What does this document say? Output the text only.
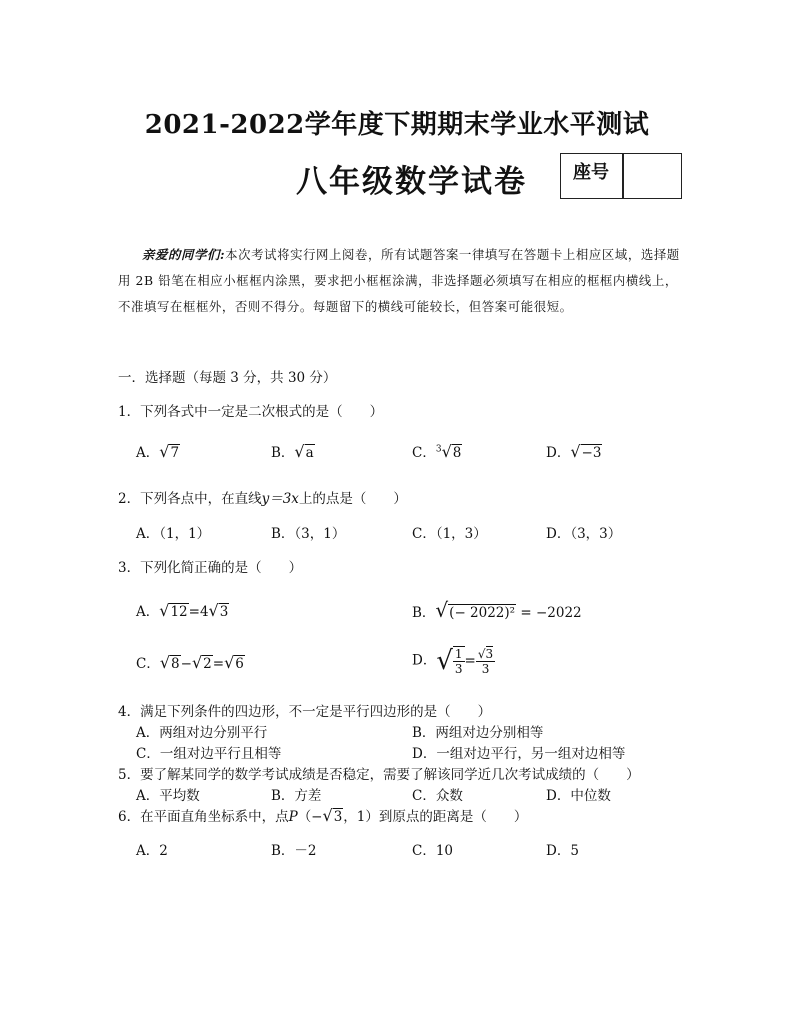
2021-2022学年度下期期末学业水平测试
八年级数学试卷	座号
亲爱的同学们:本次考试将实行网上阅卷，所有试题答案一律填写在答题卡上相应区域，选择题用 2B 铅笔在相应小框框内涂黑，要求把小框框涂满，非选择题必须填写在相应的框框内横线上，不准填写在框框外，否则不得分。每题留下的横线可能较长，但答案可能很短。
一．选择题（每题 3 分，共 30 分）
1．下列各式中一定是二次根式的是（　　）
A．√7	B．√a	C．$^3$√8	D．√−3
2．下列各点中，在直线y＝3x上的点是（　　）
A．（1，1）	B．（3，1）	C．（1，3）	D．（3，3）
3．下列化简正确的是（　　）
A．√12=4√3	B．√(− 2022)² = −2022
C．√8−√2=√6	D．√ $\frac{1}{3} = \frac{√3}{3}$
4．满足下列条件的四边形，不一定是平行四边形的是（　　）
A．两组对边分别平行	B．两组对边分别相等
C．一组对边平行且相等	D．一组对边平行，另一组对边相等
5．要了解某同学的数学考试成绩是否稳定，需要了解该同学近几次考试成绩的（　　）
A．平均数	B．方差	C．众数	D．中位数
6．在平面直角坐标系中，点P（−√3，1）到原点的距离是（　　）
A．2	B．－2	C．10	D．5
